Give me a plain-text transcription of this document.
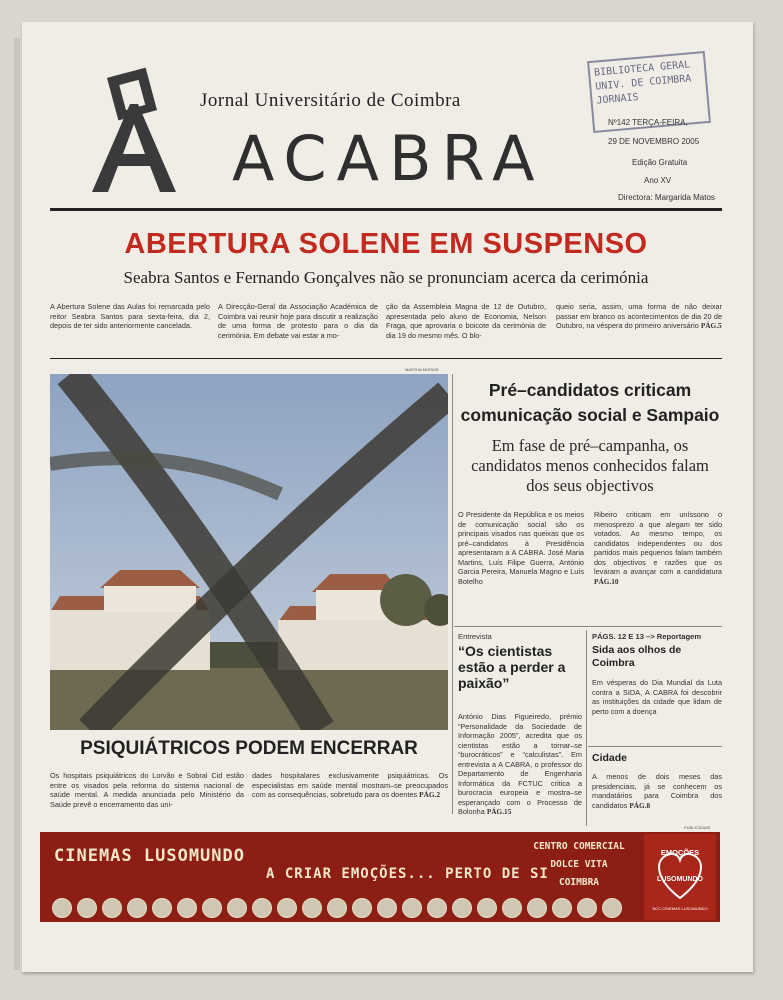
Jornal Universitário de Coimbra
ACABRA
BIBLIOTECA GERAL
UNIV. DE COIMBRA
JORNAIS
Nº142 TERÇA-FEIRA,
29 DE NOVEMBRO 2005
Edição Gratuita
Ano XV
Directora: Margarida Matos
ABERTURA SOLENE EM SUSPENSO
Seabra Santos e Fernando Gonçalves não se pronunciam acerca da cerimónia
A Abertura Solene das Aulas foi remarcada pelo reitor Seabra Santos para sexta-feira, dia 2, depois de ter sido anteriormente cancelada.
A Direcção-Geral da Associação Académica de Coimbra vai reunir hoje para discutir a realização de uma forma de protesto para o dia da cerimónia. Em debate vai estar a mo-
ção da Assembleia Magna de 12 de Outubro, apresentada pelo aluno de Economia, Nelson Fraga, que aprovaria o boicote da cerimónia de dia 19 do mesmo mês. O blo-
queio seria, assim, uma forma de não deixar passar em branco os acontecimentos de dia 20 de Outubro, na véspera do primeiro aniversário PÁG.5
MARTHA MORAIS
Pré–candidatos criticam comunicação social e Sampaio
Em fase de pré–campanha, os candidatos menos conhecidos falam dos seus objectivos
O Presidente da República e os meios de comunicação social são os principais visados nas queixas que os pré–candidatos à Presidência apresentaram a A CABRA. José Maria Martins, Luís Filipe Guerra, António Garcia Pereira, Manuela Magno e Luís Botelho
Ribeiro criticam em uníssono o menosprezo a que alegam ter sido votados. Ao mesmo tempo, os candidatos independentes ou dos partidos mais pequenos falam também dos objectivos e razões que os levaram a avançar com a candidatura PÁG.10
Entrevista
“Os cientistas estão a perder a paixão”
António Dias Figueiredo, prémio “Personalidade da Sociedade de Informação 2005”, acredita que os cientistas estão a tornar–se “burocráticos” e “calculistas”. Em entrevista a A CABRA, o professor do Departamento de Engenharia Informática da FCTUC critica a burocracia europeia e mostra–se esperançado com o Processo de Bolonha PÁG.15
PÁGS. 12 E 13 –> Reportagem
Sida aos olhos de Coimbra
Em vésperas do Dia Mundial da Luta contra a SIDA, A CABRA foi descobrir as instituições da cidade que lidam de perto com a doença
Cidade
A menos de dois meses das presidenciais, já se conhecem os mandatários para Coimbra dos candidatos PÁG.8
PSIQUIÁTRICOS PODEM ENCERRAR
Os hospitais psiquiátricos do Lorvão e Sobral Cid estão entre os visados pela reforma do sistema nacional de saúde mental. A medida anunciada pelo Ministério da Saúde prevê o encerramento das uni-
dades hospitalares exclusivamente psiquiátricas. Os especialistas em saúde mental mostram–se preocupados com as consequências, sobretudo para os doentes PÁG.2
PUBLICIDADE
CINEMAS LUSOMUNDO
A CRIAR EMOÇÕES... PERTO DE SI
CENTRO COMERCIAL
DOLCE VITA
COIMBRA
EMOÇÕES
LUSOMUNDO
NCC CINEMAS LUSOMUNDO
